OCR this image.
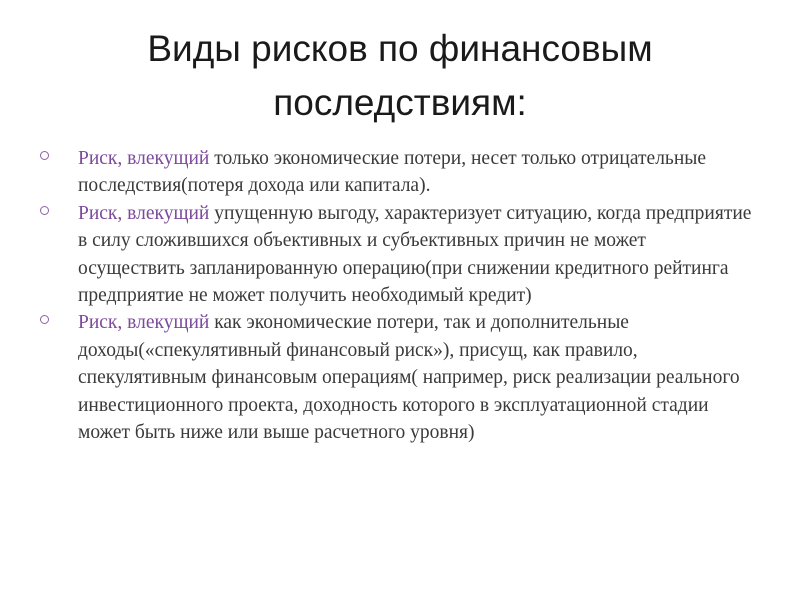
Виды рисков по финансовым последствиям:
Риск, влекущий только экономические потери, несет только отрицательные последствия(потеря дохода или капитала).
Риск, влекущий упущенную выгоду, характеризует ситуацию, когда предприятие в силу сложившихся объективных и субъективных причин не может осуществить запланированную операцию(при снижении кредитного рейтинга предприятие не может получить необходимый кредит)
Риск, влекущий как экономические потери, так и дополнительные доходы(«спекулятивный финансовый риск»), присущ, как правило, спекулятивным финансовым операциям( например, риск реализации реального инвестиционного проекта, доходность которого в эксплуатационной стадии может быть ниже или выше расчетного уровня)
